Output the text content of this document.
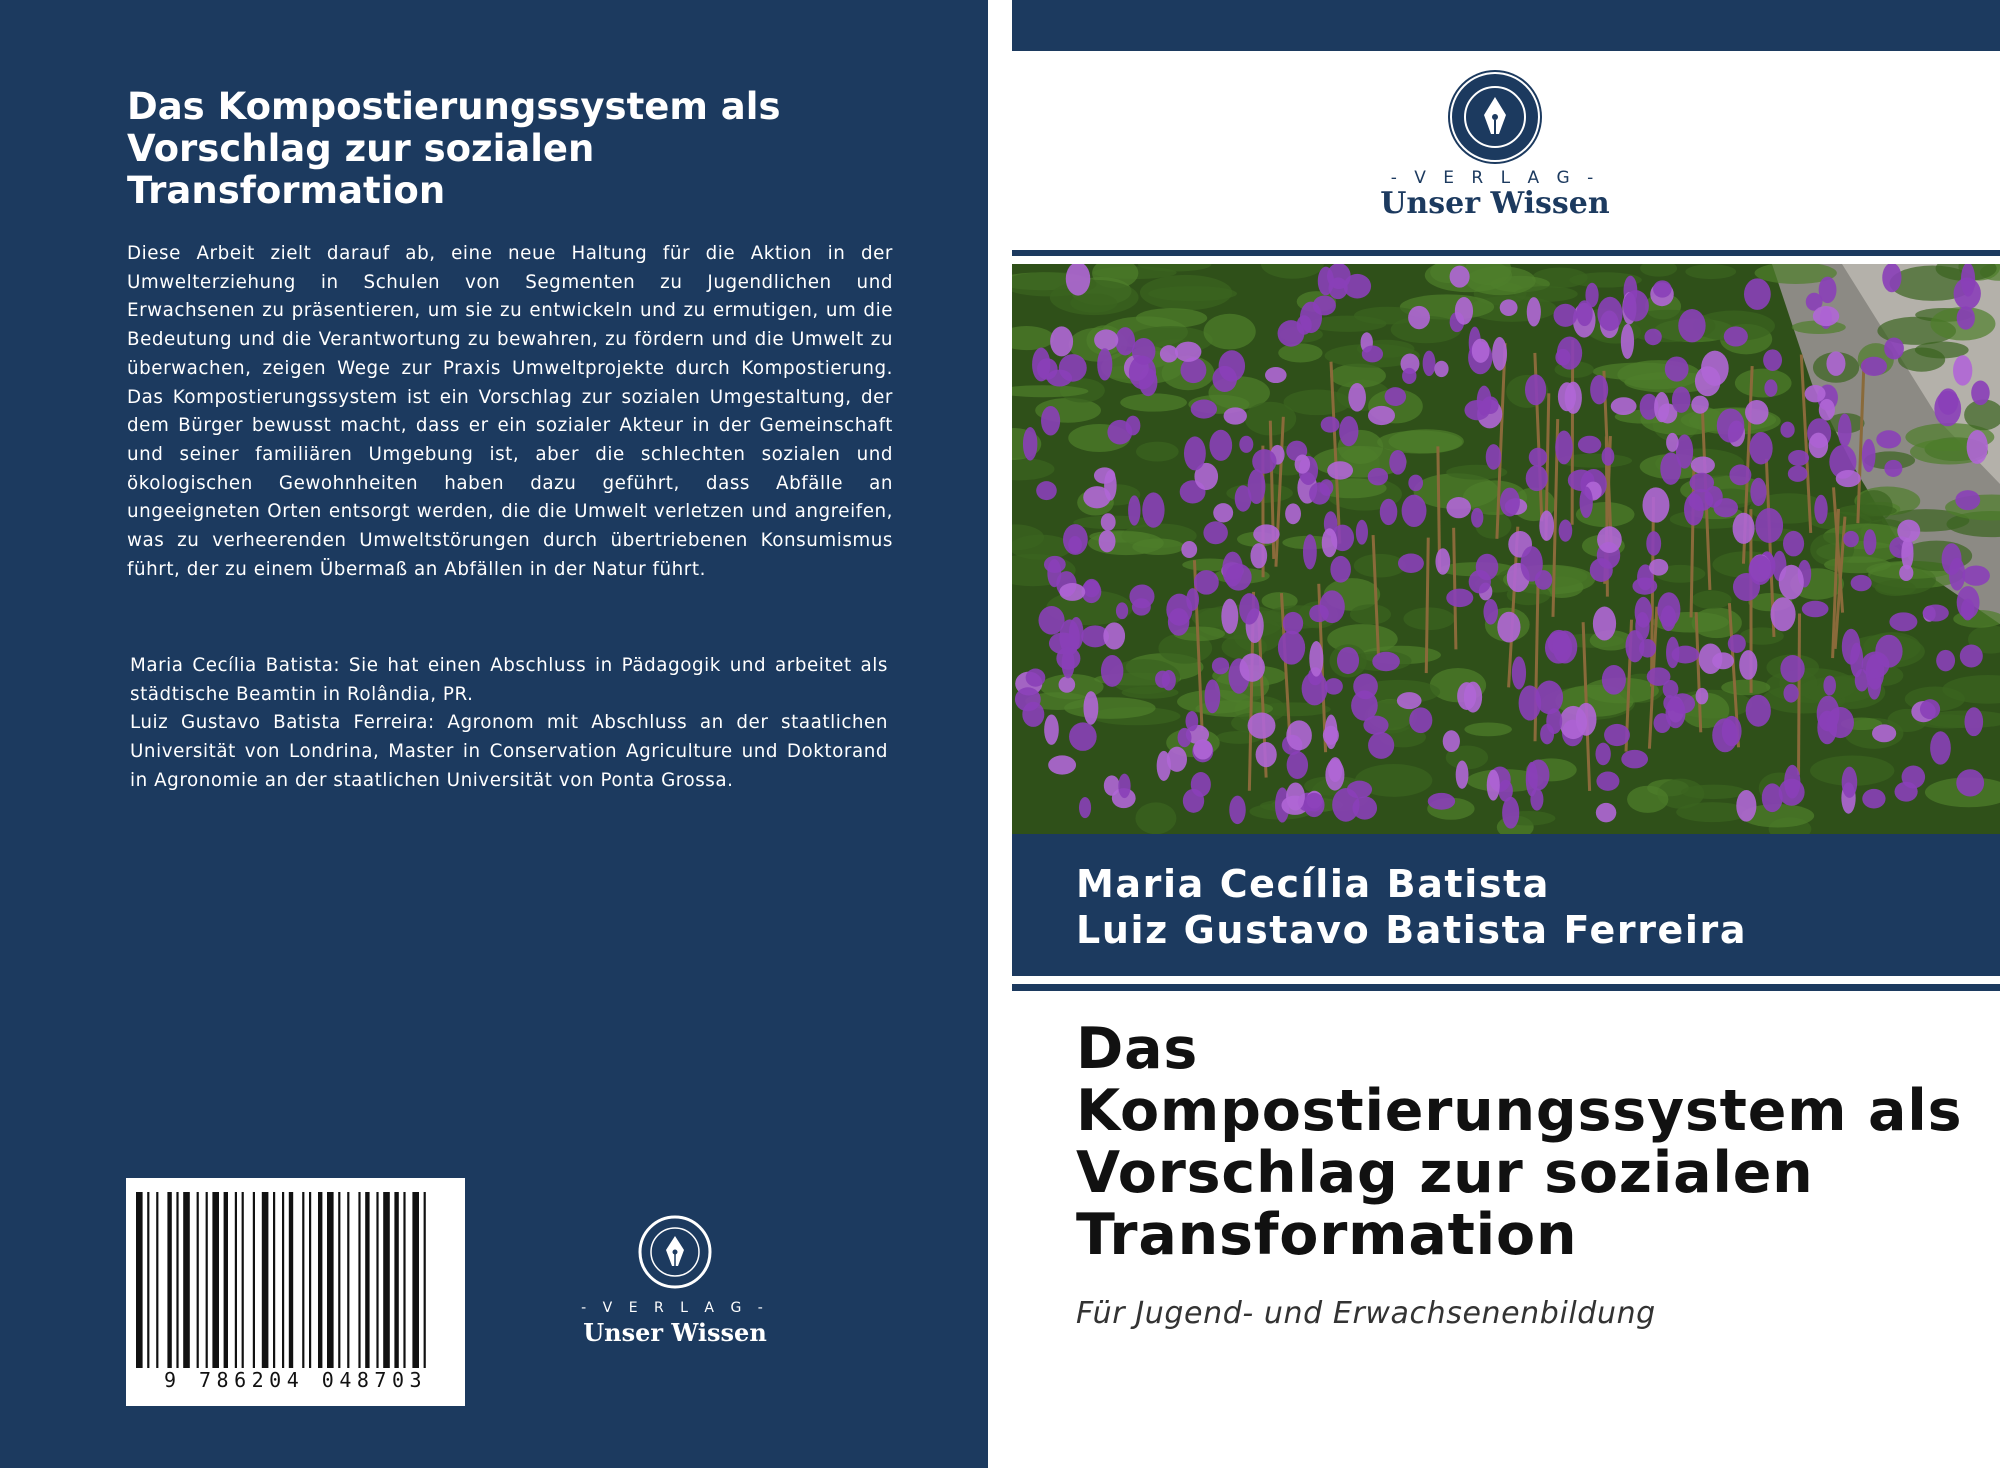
Das Kompostierungssystem als Vorschlag zur sozialen Transformation

Diese Arbeit zielt darauf ab, eine neue Haltung für die Aktion in der Umwelterziehung in Schulen von Segmenten zu Jugendlichen und Erwachsenen zu präsentieren, um sie zu entwickeln und zu ermutigen, um die Bedeutung und die Verantwortung zu bewahren, zu fördern und die Umwelt zu überwachen, zeigen Wege zur Praxis Umweltprojekte durch Kompostierung. Das Kompostierungssystem ist ein Vorschlag zur sozialen Umgestaltung, der dem Bürger bewusst macht, dass er ein sozialer Akteur in der Gemeinschaft und seiner familiären Umgebung ist, aber die schlechten sozialen und ökologischen Gewohnheiten haben dazu geführt, dass Abfälle an ungeeigneten Orten entsorgt werden, die die Umwelt verletzen und angreifen, was zu verheerenden Umweltstörungen durch übertriebenen Konsumismus führt, der zu einem Übermaß an Abfällen in der Natur führt.

Maria Cecília Batista: Sie hat einen Abschluss in Pädagogik und arbeitet als städtische Beamtin in Rolândia, PR.

Luiz Gustavo Batista Ferreira: Agronom mit Abschluss an der staatlichen Universität von Londrina, Master in Conservation Agriculture und Doktorand in Agronomie an der staatlichen Universität von Ponta Grossa.

9 786204 048703
- V E R L A G -
Unser Wissen
- V E R L A G -
Unser Wissen
Maria Cecília Batista
Luiz Gustavo Batista Ferreira
Das Kompostierungssystem als Vorschlag zur sozialen Transformation
Für Jugend- und Erwachsenenbildung
